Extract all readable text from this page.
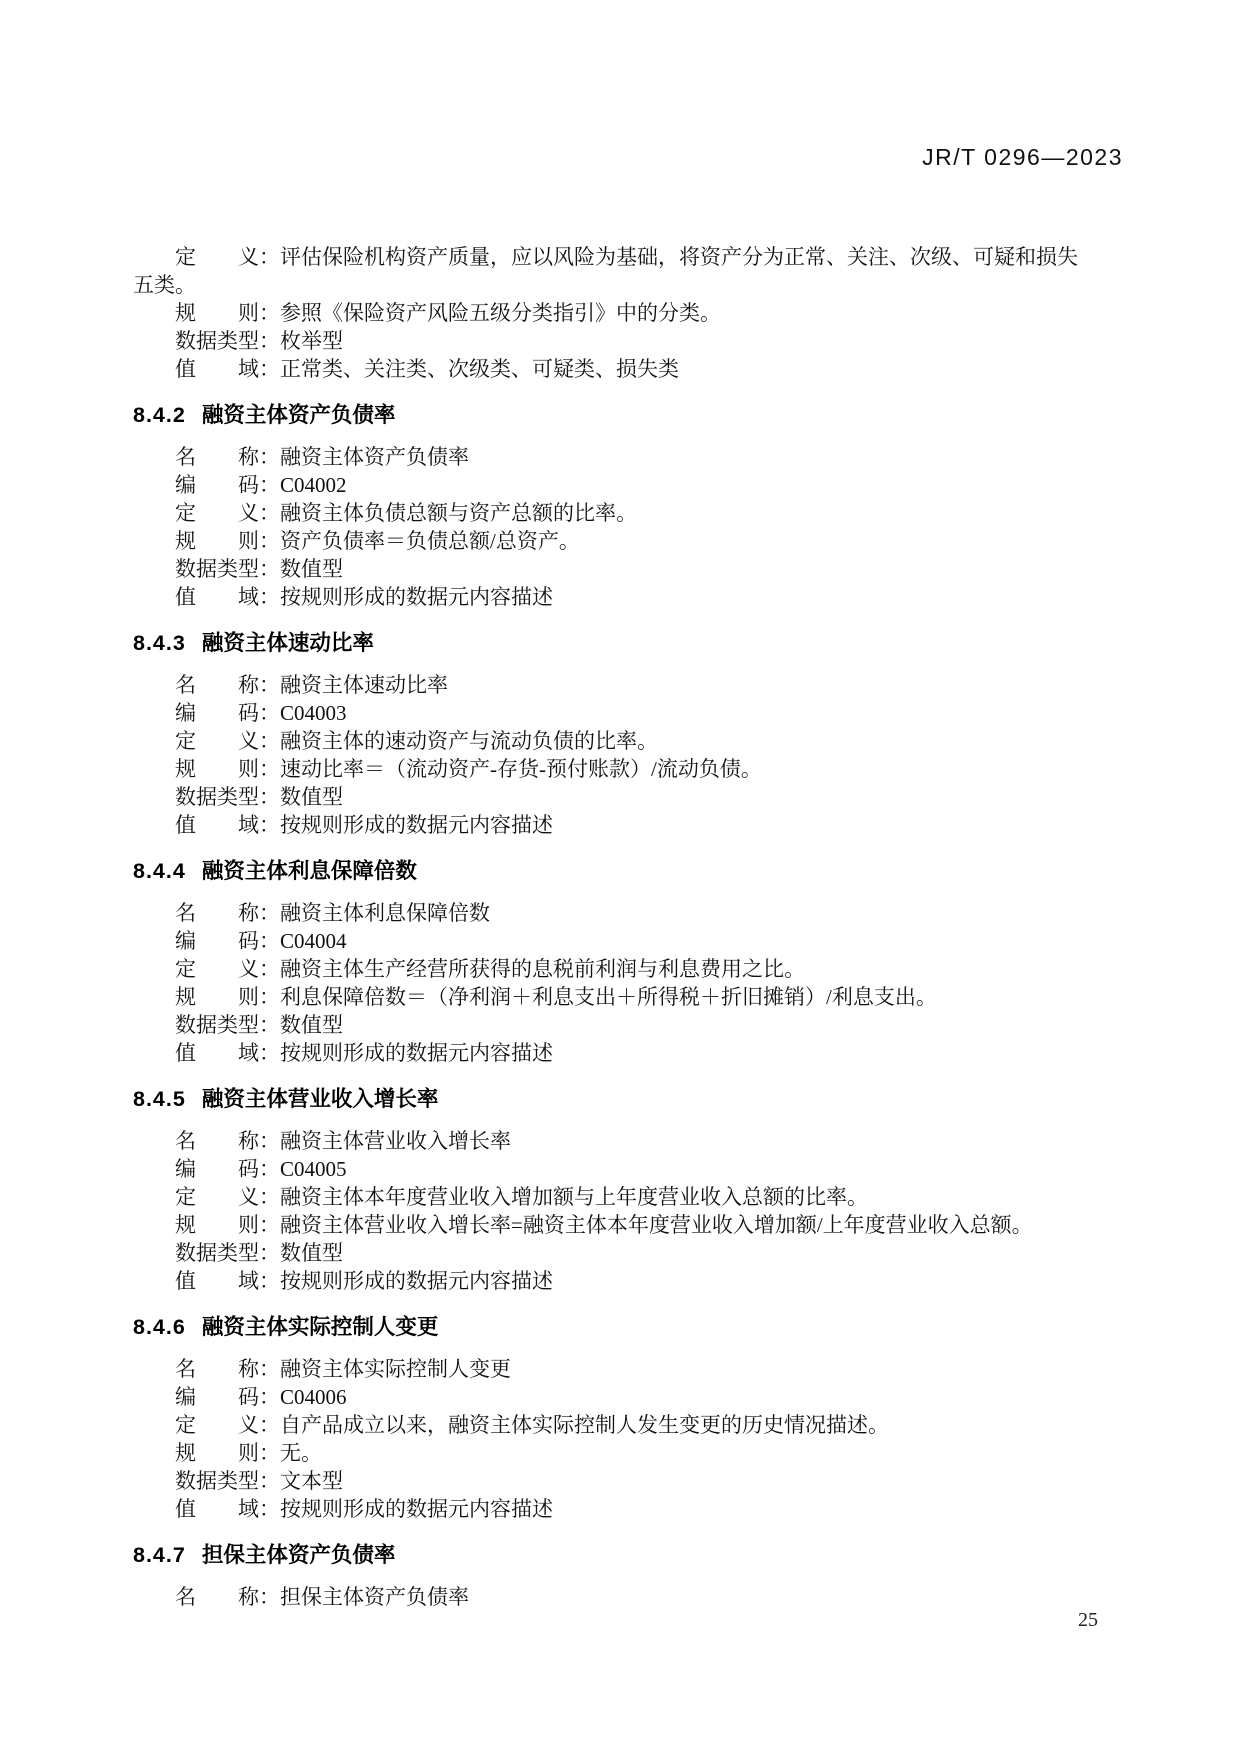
JR/T 0296—2023

定　　义：评估保险机构资产质量，应以风险为基础，将资产分为正常、关注、次级、可疑和损失五类。

规　　则：参照《保险资产风险五级分类指引》中的分类。

数据类型：枚举型

值　　域：正常类、关注类、次级类、可疑类、损失类

8.4.2 融资主体资产负债率

名　　称：融资主体资产负债率

编　　码：C04002

定　　义：融资主体负债总额与资产总额的比率。

规　　则：资产负债率＝负债总额/总资产。

数据类型：数值型

值　　域：按规则形成的数据元内容描述

8.4.3 融资主体速动比率

名　　称：融资主体速动比率

编　　码：C04003

定　　义：融资主体的速动资产与流动负债的比率。

规　　则：速动比率＝（流动资产-存货-预付账款）/流动负债。

数据类型：数值型

值　　域：按规则形成的数据元内容描述

8.4.4 融资主体利息保障倍数

名　　称：融资主体利息保障倍数

编　　码：C04004

定　　义：融资主体生产经营所获得的息税前利润与利息费用之比。

规　　则：利息保障倍数＝（净利润＋利息支出＋所得税＋折旧摊销）/利息支出。

数据类型：数值型

值　　域：按规则形成的数据元内容描述

8.4.5 融资主体营业收入增长率

名　　称：融资主体营业收入增长率

编　　码：C04005

定　　义：融资主体本年度营业收入增加额与上年度营业收入总额的比率。

规　　则：融资主体营业收入增长率=融资主体本年度营业收入增加额/上年度营业收入总额。

数据类型：数值型

值　　域：按规则形成的数据元内容描述

8.4.6 融资主体实际控制人变更

名　　称：融资主体实际控制人变更

编　　码：C04006

定　　义：自产品成立以来，融资主体实际控制人发生变更的历史情况描述。

规　　则：无。

数据类型：文本型

值　　域：按规则形成的数据元内容描述

8.4.7 担保主体资产负债率

名　　称：担保主体资产负债率

25
